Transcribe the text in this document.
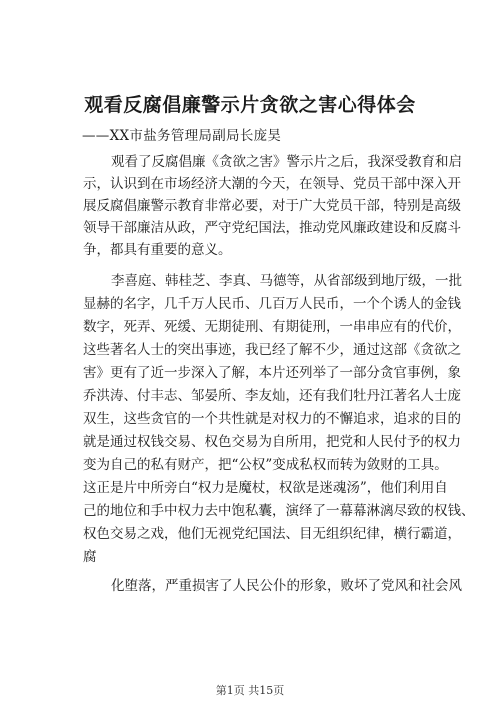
观看反腐倡廉警示片贪欲之害心得体会
——XX市盐务管理局副局长庞昊
观看了反腐倡廉《贪欲之害》警示片之后，我深受教育和启
示，认识到在市场经济大潮的今天，在领导、党员干部中深入开
展反腐倡廉警示教育非常必要，对于广大党员干部，特别是高级
领导干部廉洁从政，严守党纪国法，推动党风廉政建设和反腐斗
争，都具有重要的意义。
李喜庭、韩桂芝、李真、马德等，从省部级到地厅级，一批
显赫的名字，几千万人民币、几百万人民币，一个个诱人的金钱
数字，死弄、死缓、无期徒刑、有期徒刑，一串串应有的代价，
这些著名人士的突出事迹，我已经了解不少，通过这部《贪欲之
害》更有了近一步深入了解，本片还列举了一部分贪官事例，象
乔洪涛、付丰志、邹晏所、李友灿，还有我们牡丹江著名人士庞
双生，这些贪官的一个共性就是对权力的不懈追求，追求的目的
就是通过权钱交易、权色交易为自所用，把党和人民付予的权力
变为自己的私有财产，把“公权”变成私权而转为敛财的工具。
这正是片中所旁白“权力是魔杖，权欲是迷魂汤”，他们利用自
己的地位和手中权力去中饱私囊，演绎了一幕幕淋漓尽致的权钱、
权色交易之戏，他们无视党纪国法、目无组织纪律，横行霸道，
腐
化堕落，严重损害了人民公仆的形象，败坏了党风和社会风
第1页 共15页
